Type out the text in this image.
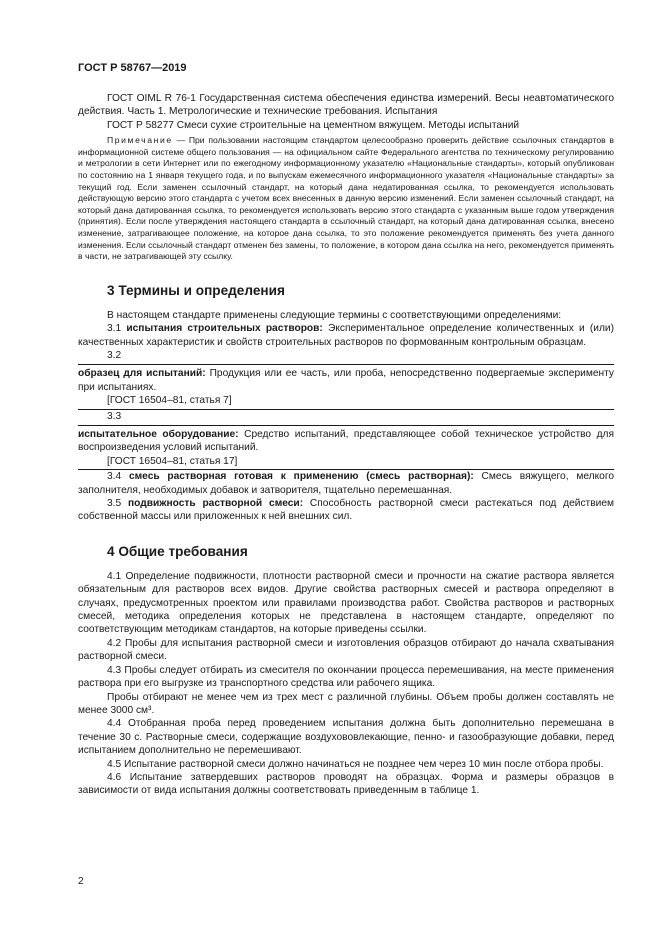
ГОСТ Р 58767—2019

ГОСТ OIML R 76-1 Государственная система обеспечения единства измерений. Весы неавтоматического действия. Часть 1. Метрологические и технические требования. Испытания

ГОСТ Р 58277 Смеси сухие строительные на цементном вяжущем. Методы испытаний

Примечание — При пользовании настоящим стандартом целесообразно проверить действие ссылочных стандартов в информационной системе общего пользования — на официальном сайте Федерального агентства по техническому регулированию и метрологии в сети Интернет или по ежегодному информационному указателю «Национальные стандарты», который опубликован по состоянию на 1 января текущего года, и по выпускам ежемесячного информационного указателя «Национальные стандарты» за текущий год. Если заменен ссылочный стандарт, на который дана недатированная ссылка, то рекомендуется использовать действующую версию этого стандарта с учетом всех внесенных в данную версию изменений. Если заменен ссылочный стандарт, на который дана датированная ссылка, то рекомендуется использовать версию этого стандарта с указанным выше годом утверждения (принятия). Если после утверждения настоящего стандарта в ссылочный стандарт, на который дана датированная ссылка, внесено изменение, затрагивающее положение, на которое дана ссылка, то это положение рекомендуется применять без учета данного изменения. Если ссылочный стандарт отменен без замены, то положение, в котором дана ссылка на него, рекомендуется применять в части, не затрагивающей эту ссылку.

3 Термины и определения

В настоящем стандарте применены следующие термины с соответствующими определениями:

3.1 испытания строительных растворов: Экспериментальное определение количественных и (или) качественных характеристик и свойств строительных растворов по формованным контрольным образцам.

3.2

образец для испытаний: Продукция или ее часть, или проба, непосредственно подвергаемые эксперименту при испытаниях.

[ГОСТ 16504–81, статья 7]

3.3

испытательное оборудование: Средство испытаний, представляющее собой техническое устройство для воспроизведения условий испытаний.

[ГОСТ 16504–81, статья 17]

3.4 смесь растворная готовая к применению (смесь растворная): Смесь вяжущего, мелкого заполнителя, необходимых добавок и затворителя, тщательно перемешанная.

3.5 подвижность растворной смеси: Способность растворной смеси растекаться под действием собственной массы или приложенных к ней внешних сил.

4 Общие требования

4.1 Определение подвижности, плотности растворной смеси и прочности на сжатие раствора является обязательным для растворов всех видов. Другие свойства растворных смесей и раствора определяют в случаях, предусмотренных проектом или правилами производства работ. Свойства растворов и растворных смесей, методика определения которых не представлена в настоящем стандарте, определяют по соответствующим методикам стандартов, на которые приведены ссылки.

4.2 Пробы для испытания растворной смеси и изготовления образцов отбирают до начала схватывания растворной смеси.

4.3 Пробы следует отбирать из смесителя по окончании процесса перемешивания, на месте применения раствора при его выгрузке из транспортного средства или рабочего ящика.

Пробы отбирают не менее чем из трех мест с различной глубины. Объем пробы должен составлять не менее 3000 см³.

4.4 Отобранная проба перед проведением испытания должна быть дополнительно перемешана в течение 30 с. Растворные смеси, содержащие воздухововлекающие, пенно- и газообразующие добавки, перед испытанием дополнительно не перемешивают.

4.5 Испытание растворной смеси должно начинаться не позднее чем через 10 мин после отбора пробы.

4.6 Испытание затвердевших растворов проводят на образцах. Форма и размеры образцов в зависимости от вида испытания должны соответствовать приведенным в таблице 1.

2
